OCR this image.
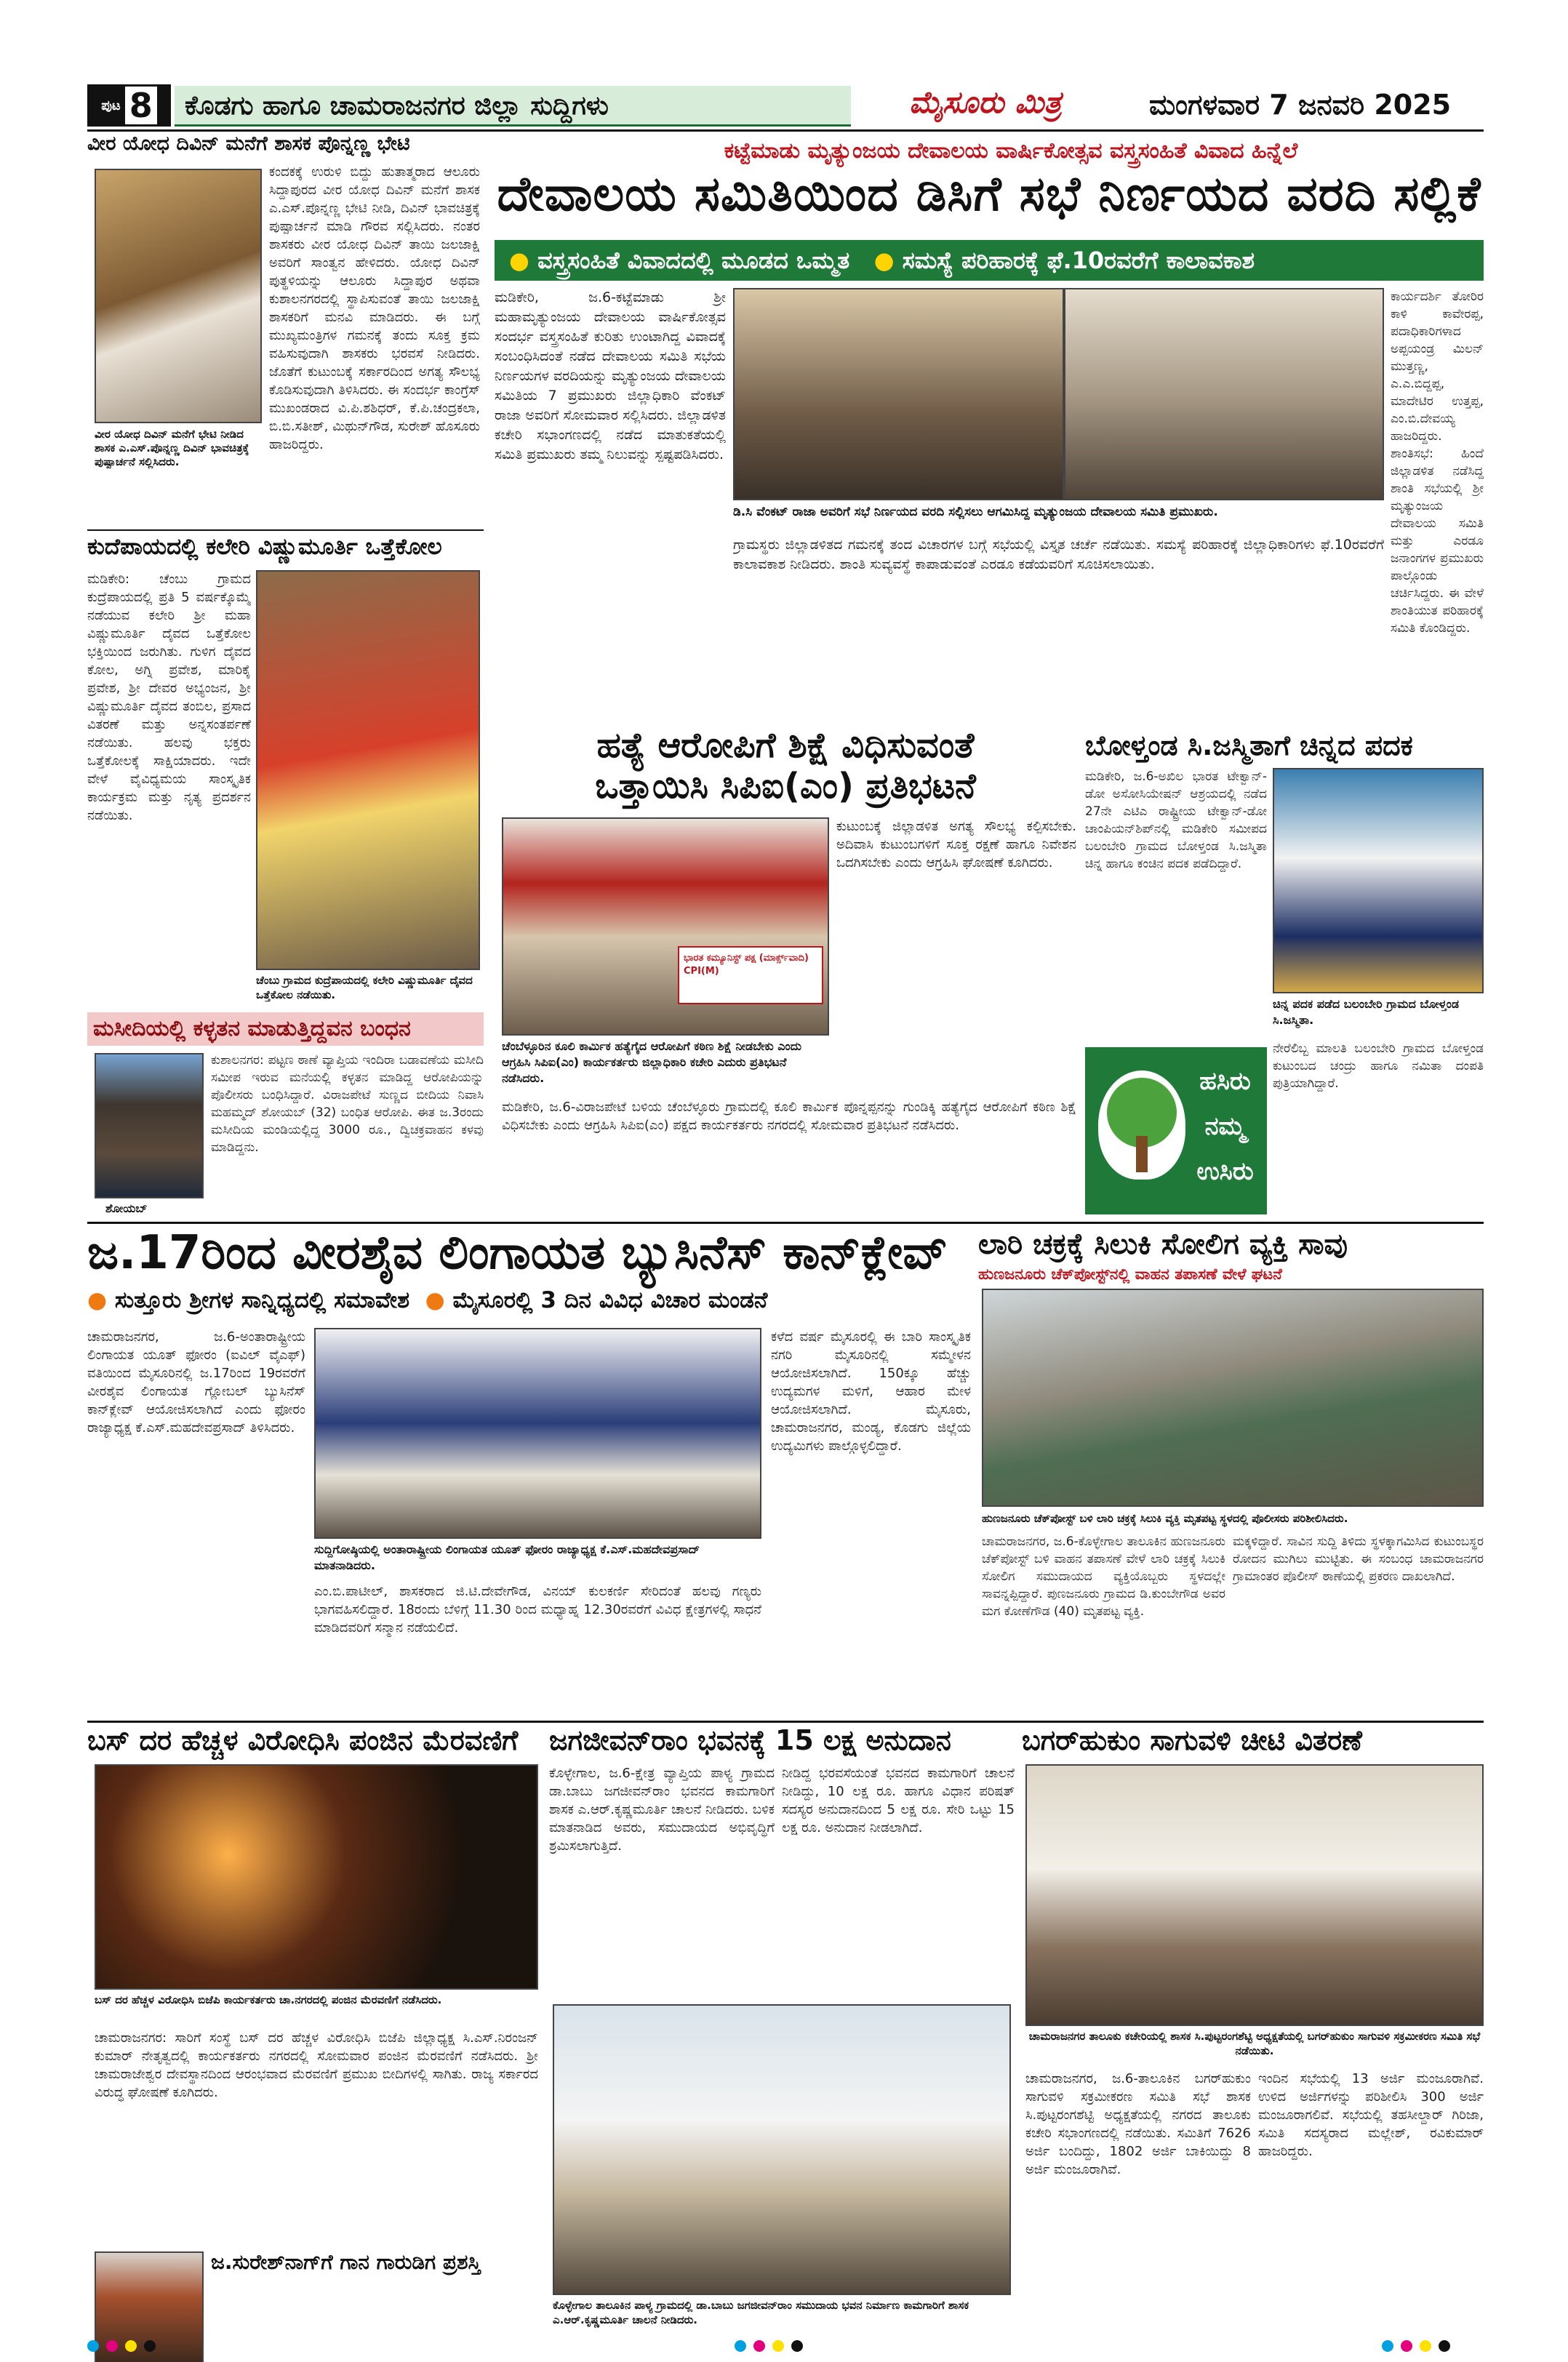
ಪುಟ 8	ಕೊಡಗು ಹಾಗೂ ಚಾಮರಾಜನಗರ ಜಿಲ್ಲಾ ಸುದ್ದಿಗಳು	ಮೈಸೂರು ಮಿತ್ರ	ಮಂಗಳವಾರ 7 ಜನವರಿ 2025
ವೀರ ಯೋಧ ದಿವಿನ್ ಮನೆಗೆ ಶಾಸಕ ಪೊನ್ನಣ್ಣ ಭೇಟಿ
ಕಂದಕಕ್ಕೆ ಉರುಳಿ ಬಿದ್ದು ಹುತಾತ್ಮರಾದ ಆಲೂರು ಸಿದ್ದಾಪುರದ ವೀರ ಯೋಧ ದಿವಿನ್ ಮನೆಗೆ ಶಾಸಕ ಎ.ಎಸ್.ಪೊನ್ನಣ್ಣ ಭೇಟಿ ನೀಡಿ, ದಿವಿನ್ ಭಾವಚಿತ್ರಕ್ಕೆ ಪುಷ್ಪಾರ್ಚನೆ ಮಾಡಿ ಗೌರವ ಸಲ್ಲಿಸಿದರು. ನಂತರ ಶಾಸಕರು ವೀರ ಯೋಧ ದಿವಿನ್ ತಾಯಿ ಜಲಜಾಕ್ಷಿ ಅವರಿಗೆ ಸಾಂತ್ವನ ಹೇಳಿದರು. ಯೋಧ ದಿವಿನ್ ಪುತ್ಥಳಿಯನ್ನು ಆಲೂರು ಸಿದ್ದಾಪುರ ಅಥವಾ ಕುಶಾಲನಗರದಲ್ಲಿ ಸ್ಥಾಪಿಸುವಂತೆ ತಾಯಿ ಜಲಜಾಕ್ಷಿ ಶಾಸಕರಿಗೆ ಮನವಿ ಮಾಡಿದರು. ಈ ಬಗ್ಗೆ ಮುಖ್ಯಮಂತ್ರಿಗಳ ಗಮನಕ್ಕೆ ತಂದು ಸೂಕ್ತ ಕ್ರಮ ವಹಿಸುವುದಾಗಿ ಶಾಸಕರು ಭರವಸೆ ನೀಡಿದರು. ಜೊತೆಗೆ ಕುಟುಂಬಕ್ಕೆ ಸರ್ಕಾರದಿಂದ ಅಗತ್ಯ ಸೌಲಭ್ಯ ಕೊಡಿಸುವುದಾಗಿ ತಿಳಿಸಿದರು. ಈ ಸಂದರ್ಭ ಕಾಂಗ್ರೆಸ್ ಮುಖಂಡರಾದ ವಿ.ಪಿ.ಶಶಿಧರ್, ಕೆ.ಪಿ.ಚಂದ್ರಕಲಾ, ಬಿ.ಬಿ.ಸತೀಶ್, ಮಿಥುನ್‌ಗೌಡ, ಸುರೇಶ್ ಹೊಸೂರು ಹಾಜರಿದ್ದರು.
ವೀರ ಯೋಧ ದಿವಿನ್ ಮನೆಗೆ ಭೇಟಿ ನೀಡಿದ ಶಾಸಕ ಎ.ಎಸ್.ಪೊನ್ನಣ್ಣ ದಿವಿನ್ ಭಾವಚಿತ್ರಕ್ಕೆ ಪುಷ್ಪಾರ್ಚನೆ ಸಲ್ಲಿಸಿದರು.
ಕಟ್ಟೆಮಾಡು ಮೃತ್ಯುಂಜಯ ದೇವಾಲಯ ವಾರ್ಷಿಕೋತ್ಸವ ವಸ್ತ್ರಸಂಹಿತೆ ವಿವಾದ ಹಿನ್ನೆಲೆ
ದೇವಾಲಯ ಸಮಿತಿಯಿಂದ ಡಿಸಿಗೆ ಸಭೆ ನಿರ್ಣಯದ ವರದಿ ಸಲ್ಲಿಕೆ
● ವಸ್ತ್ರಸಂಹಿತೆ ವಿವಾದದಲ್ಲಿ ಮೂಡದ ಒಮ್ಮತ ● ಸಮಸ್ಯೆ ಪರಿಹಾರಕ್ಕೆ ಫೆ.10ರವರೆಗೆ ಕಾಲಾವಕಾಶ
ಮಡಿಕೇರಿ, ಜ.6-ಕಟ್ಟೆಮಾಡು ಶ್ರೀ ಮಹಾಮೃತ್ಯುಂಜಯ ದೇವಾಲಯ ವಾರ್ಷಿಕೋತ್ಸವ ಸಂದರ್ಭ ವಸ್ತ್ರಸಂಹಿತೆ ಕುರಿತು ಉಂಟಾಗಿದ್ದ ವಿವಾದಕ್ಕೆ ಸಂಬಂಧಿಸಿದಂತೆ ನಡೆದ ದೇವಾಲಯ ಸಮಿತಿ ಸಭೆಯ ನಿರ್ಣಯಗಳ ವರದಿಯನ್ನು ಮೃತ್ಯುಂಜಯ ದೇವಾಲಯ ಸಮಿತಿಯ 7 ಪ್ರಮುಖರು ಜಿಲ್ಲಾಧಿಕಾರಿ ವೆಂಕಟ್ ರಾಜಾ ಅವರಿಗೆ ಸೋಮವಾರ ಸಲ್ಲಿಸಿದರು. ಜಿಲ್ಲಾಡಳಿತ ಕಚೇರಿ ಸಭಾಂಗಣದಲ್ಲಿ ನಡೆದ ಮಾತುಕತೆಯಲ್ಲಿ ಸಮಿತಿ ಪ್ರಮುಖರು ತಮ್ಮ ನಿಲುವನ್ನು ಸ್ಪಷ್ಟಪಡಿಸಿದರು.
ಡಿ.ಸಿ ವೆಂಕಟ್ ರಾಜಾ ಅವರಿಗೆ ಸಭೆ ನಿರ್ಣಯದ ವರದಿ ಸಲ್ಲಿಸಲು ಆಗಮಿಸಿದ್ದ ಮೃತ್ಯುಂಜಯ ದೇವಾಲಯ ಸಮಿತಿ ಪ್ರಮುಖರು.
ಗ್ರಾಮಸ್ಥರು ಜಿಲ್ಲಾಡಳಿತದ ಗಮನಕ್ಕೆ ತಂದ ವಿಚಾರಗಳ ಬಗ್ಗೆ ಸಭೆಯಲ್ಲಿ ವಿಸ್ತೃತ ಚರ್ಚೆ ನಡೆಯಿತು. ಸಮಸ್ಯೆ ಪರಿಹಾರಕ್ಕೆ ಜಿಲ್ಲಾಧಿಕಾರಿಗಳು ಫೆ.10ರವರೆಗೆ ಕಾಲಾವಕಾಶ ನೀಡಿದರು. ಶಾಂತಿ ಸುವ್ಯವಸ್ಥೆ ಕಾಪಾಡುವಂತೆ ಎರಡೂ ಕಡೆಯವರಿಗೆ ಸೂಚಿಸಲಾಯಿತು.
ಕಾರ್ಯದರ್ಶಿ ತೋರಿರ ಕಾಳಿ ಕಾವೇರಪ್ಪ, ಪದಾಧಿಕಾರಿಗಳಾದ ಅಪ್ಪಯಂಡ್ರ ಮಿಲನ್ ಮುತ್ತಣ್ಣ, ಎ.ಎ.ಬಿದ್ದಪ್ಪ, ಮಾದೇಟಿರ ಉತ್ತಪ್ಪ, ಎಂ.ಬಿ.ದೇವಯ್ಯ ಹಾಜರಿದ್ದರು. ಶಾಂತಿಸಭೆ: ಹಿಂದೆ ಜಿಲ್ಲಾಡಳಿತ ನಡೆಸಿದ್ದ ಶಾಂತಿ ಸಭೆಯಲ್ಲಿ ಶ್ರೀ ಮೃತ್ಯುಂಜಯ ದೇವಾಲಯ ಸಮಿತಿ ಮತ್ತು ಎರಡೂ ಜನಾಂಗಗಳ ಪ್ರಮುಖರು ಪಾಲ್ಗೊಂಡು ಚರ್ಚಿಸಿದ್ದರು. ಈ ವೇಳೆ ಶಾಂತಿಯುತ ಪರಿಹಾರಕ್ಕೆ ಸಮಿತಿ ಕೊಂಡಿದ್ದರು.
ಕುದೆಪಾಯದಲ್ಲಿ ಕಲೇರಿ ವಿಷ್ಣುಮೂರ್ತಿ ಒತ್ತೆಕೋಲ
ಮಡಿಕೇರಿ: ಚೆಂಬು ಗ್ರಾಮದ ಕುದ್ರೆಪಾಯದಲ್ಲಿ ಪ್ರತಿ 5 ವರ್ಷಕ್ಕೊಮ್ಮೆ ನಡೆಯುವ ಕಲೇರಿ ಶ್ರೀ ಮಹಾ ವಿಷ್ಣುಮೂರ್ತಿ ದೈವದ ಒತ್ತೆಕೋಲ ಭಕ್ತಿಯಿಂದ ಜರುಗಿತು. ಗುಳಿಗ ದೈವದ ಕೋಲ, ಅಗ್ನಿ ಪ್ರವೇಶ, ಮಾರಿಕೈ ಪ್ರವೇಶ, ಶ್ರೀ ದೇವರ ಅಭ್ಯಂಜನ, ಶ್ರೀ ವಿಷ್ಣುಮೂರ್ತಿ ದೈವದ ತಂಬಿಲ, ಪ್ರಸಾದ ವಿತರಣೆ ಮತ್ತು ಅನ್ನಸಂತರ್ಪಣೆ ನಡೆಯಿತು. ಹಲವು ಭಕ್ತರು ಒತ್ತೆಕೋಲಕ್ಕೆ ಸಾಕ್ಷಿಯಾದರು. ಇದೇ ವೇಳೆ ವೈವಿಧ್ಯಮಯ ಸಾಂಸ್ಕೃತಿಕ ಕಾರ್ಯಕ್ರಮ ಮತ್ತು ನೃತ್ಯ ಪ್ರದರ್ಶನ ನಡೆಯಿತು.
ಚೆಂಬು ಗ್ರಾಮದ ಕುದ್ರೆಪಾಯದಲ್ಲಿ ಕಲೇರಿ ವಿಷ್ಣುಮೂರ್ತಿ ದೈವದ ಒತ್ತೆಕೋಲ ನಡೆಯಿತು.
ಮಸೀದಿಯಲ್ಲಿ ಕಳ್ಳತನ ಮಾಡುತ್ತಿದ್ದವನ ಬಂಧನ
ಶೋಯಬ್
ಕುಶಾಲನಗರ: ಪಟ್ಟಣ ಠಾಣೆ ವ್ಯಾಪ್ತಿಯ ಇಂದಿರಾ ಬಡಾವಣೆಯ ಮಸೀದಿ ಸಮೀಪ ಇರುವ ಮನೆಯಲ್ಲಿ ಕಳ್ಳತನ ಮಾಡಿದ್ದ ಆರೋಪಿಯನ್ನು ಪೊಲೀಸರು ಬಂಧಿಸಿದ್ದಾರೆ. ವಿರಾಜಪೇಟೆ ಸುಣ್ಣದ ಬೀದಿಯ ನಿವಾಸಿ ಮಹಮ್ಮದ್ ಶೋಯಬ್ (32) ಬಂಧಿತ ಆರೋಪಿ. ಈತ ಜ.3ರಂದು ಮಸೀದಿಯ ಮಂಡಿಯಲ್ಲಿದ್ದ 3000 ರೂ., ದ್ವಿಚಕ್ರವಾಹನ ಕಳವು ಮಾಡಿದ್ದನು.
ಹತ್ಯೆ ಆರೋಪಿಗೆ ಶಿಕ್ಷೆ ವಿಧಿಸುವಂತೆ
ಒತ್ತಾಯಿಸಿ ಸಿಪಿಐ(ಎಂ) ಪ್ರತಿಭಟನೆ
ಭಾರತ ಕಮ್ಯೂನಿಸ್ಟ್ ಪಕ್ಷ (ಮಾರ್ಕ್ಸ್‌ವಾದಿ) CPI(M)
ಚೆಂಬೆಳ್ಳೂರಿನ ಕೂಲಿ ಕಾರ್ಮಿಕ ಹತ್ಯೆಗೈದ ಆರೋಪಿಗೆ ಕಠಿಣ ಶಿಕ್ಷೆ ನೀಡಬೇಕು ಎಂದು ಆಗ್ರಹಿಸಿ ಸಿಪಿಐ(ಎಂ) ಕಾರ್ಯಕರ್ತರು ಜಿಲ್ಲಾಧಿಕಾರಿ ಕಚೇರಿ ಎದುರು ಪ್ರತಿಭಟನೆ ನಡೆಸಿದರು.
ಕುಟುಂಬಕ್ಕೆ ಜಿಲ್ಲಾಡಳಿತ ಅಗತ್ಯ ಸೌಲಭ್ಯ ಕಲ್ಪಿಸಬೇಕು. ಅದಿವಾಸಿ ಕುಟುಂಬಗಳಿಗೆ ಸೂಕ್ತ ರಕ್ಷಣೆ ಹಾಗೂ ನಿವೇಶನ ಒದಗಿಸಬೇಕು ಎಂದು ಆಗ್ರಹಿಸಿ ಘೋಷಣೆ ಕೂಗಿದರು.
ಮಡಿಕೇರಿ, ಜ.6-ವಿರಾಜಪೇಟೆ ಬಳಿಯ ಚೆಂಬೆಳ್ಳೂರು ಗ್ರಾಮದಲ್ಲಿ ಕೂಲಿ ಕಾರ್ಮಿಕ ಪೊನ್ನಪ್ಪನನ್ನು ಗುಂಡಿಕ್ಕಿ ಹತ್ಯೆಗೈದ ಆರೋಪಿಗೆ ಕಠಿಣ ಶಿಕ್ಷೆ ವಿಧಿಸಬೇಕು ಎಂದು ಆಗ್ರಹಿಸಿ ಸಿಪಿಐ(ಎಂ) ಪಕ್ಷದ ಕಾರ್ಯಕರ್ತರು ನಗರದಲ್ಲಿ ಸೋಮವಾರ ಪ್ರತಿಭಟನೆ ನಡೆಸಿದರು.
ಬೋಳ್ತಂಡ ಸಿ.ಜಸ್ಮಿತಾಗೆ ಚಿನ್ನದ ಪದಕ
ಮಡಿಕೇರಿ, ಜ.6-ಅಖಿಲ ಭಾರತ ಟೇಕ್ವಾನ್-ಡೋ ಅಸೋಸಿಯೇಷನ್ ಆಶ್ರಯದಲ್ಲಿ ನಡೆದ 27ನೇ ಎಟಿಎ ರಾಷ್ಟ್ರೀಯ ಟೇಕ್ವಾನ್-ಡೋ ಚಾಂಪಿಯನ್‌ಶಿಪ್‌ನಲ್ಲಿ ಮಡಿಕೇರಿ ಸಮೀಪದ ಬಲಂಬೇರಿ ಗ್ರಾಮದ ಬೋಳ್ತಂಡ ಸಿ.ಜಸ್ಮಿತಾ ಚಿನ್ನ ಹಾಗೂ ಕಂಚಿನ ಪದಕ ಪಡೆದಿದ್ದಾರೆ.
ಚಿನ್ನ ಪದಕ ಪಡೆದ ಬಲಂಬೇರಿ ಗ್ರಾಮದ ಬೋಳ್ತಂಡ ಸಿ.ಜಸ್ಮಿತಾ.
ನೇರೆಲಿಬ್ಬ ಮಾಲತಿ ಬಲಂಬೇರಿ ಗ್ರಾಮದ ಬೋಳ್ತಂಡ ಕುಟುಂಬದ ಚಂದ್ರು ಹಾಗೂ ನಮಿತಾ ದಂಪತಿ ಪುತ್ರಿಯಾಗಿದ್ದಾರೆ.
ಹಸಿರು
ನಮ್ಮ
ಉಸಿರು
ಜ.17ರಿಂದ ವೀರಶೈವ ಲಿಂಗಾಯತ ಬ್ಯುಸಿನೆಸ್ ಕಾನ್‌ಕ್ಲೇವ್
● ಸುತ್ತೂರು ಶ್ರೀಗಳ ಸಾನ್ನಿಧ್ಯದಲ್ಲಿ ಸಮಾವೇಶ ● ಮೈಸೂರಲ್ಲಿ 3 ದಿನ ವಿವಿಧ ವಿಚಾರ ಮಂಡನೆ
ಚಾಮರಾಜನಗರ, ಜ.6-ಅಂತಾರಾಷ್ಟ್ರೀಯ ಲಿಂಗಾಯತ ಯೂತ್ ಫೋರಂ (ಐವಿಲ್ ವೈಎಫ್) ವತಿಯಿಂದ ಮೈಸೂರಿನಲ್ಲಿ ಜ.17ರಿಂದ 19ರವರೆಗೆ ವೀರಶೈವ ಲಿಂಗಾಯತ ಗ್ಲೋಬಲ್ ಬ್ಯುಸಿನೆಸ್ ಕಾನ್‌ಕ್ಲೇವ್ ಆಯೋಜಿಸಲಾಗಿದೆ ಎಂದು ಫೋರಂ ರಾಜ್ಯಾಧ್ಯಕ್ಷ ಕೆ.ಎಸ್.ಮಹದೇವಪ್ರಸಾದ್ ತಿಳಿಸಿದರು.
ಸುದ್ದಿಗೋಷ್ಠಿಯಲ್ಲಿ ಅಂತಾರಾಷ್ಟ್ರೀಯ ಲಿಂಗಾಯತ ಯೂತ್ ಫೋರಂ ರಾಜ್ಯಾಧ್ಯಕ್ಷ ಕೆ.ಎಸ್.ಮಹದೇವಪ್ರಸಾದ್ ಮಾತನಾಡಿದರು.
ಎಂ.ಬಿ.ಪಾಟೀಲ್, ಶಾಸಕರಾದ ಜಿ.ಟಿ.ದೇವೇಗೌಡ, ವಿನಯ್ ಕುಲಕರ್ಣಿ ಸೇರಿದಂತೆ ಹಲವು ಗಣ್ಯರು ಭಾಗವಹಿಸಲಿದ್ದಾರೆ. 18ರಂದು ಬೆಳಿಗ್ಗೆ 11.30 ರಿಂದ ಮಧ್ಯಾಹ್ನ 12.30ರವರೆಗೆ ವಿವಿಧ ಕ್ಷೇತ್ರಗಳಲ್ಲಿ ಸಾಧನೆ ಮಾಡಿದವರಿಗೆ ಸನ್ಮಾನ ನಡೆಯಲಿದೆ.
ಕಳೆದ ವರ್ಷ ಮೈಸೂರಲ್ಲಿ ಈ ಬಾರಿ ಸಾಂಸ್ಕೃತಿಕ ನಗರಿ ಮೈಸೂರಿನಲ್ಲಿ ಸಮ್ಮೇಳನ ಆಯೋಜಿಸಲಾಗಿದೆ. 150ಕ್ಕೂ ಹೆಚ್ಚು ಉದ್ಯಮಗಳ ಮಳಿಗೆ, ಆಹಾರ ಮೇಳ ಆಯೋಜಿಸಲಾಗಿದೆ. ಮೈಸೂರು, ಚಾಮರಾಜನಗರ, ಮಂಡ್ಯ, ಕೊಡಗು ಜಿಲ್ಲೆಯ ಉದ್ಯಮಿಗಳು ಪಾಲ್ಗೊಳ್ಳಲಿದ್ದಾರೆ.
ಲಾರಿ ಚಕ್ರಕ್ಕೆ ಸಿಲುಕಿ ಸೋಲಿಗ ವ್ಯಕ್ತಿ ಸಾವು
ಹುಣಜನೂರು ಚೆಕ್‌ಪೋಸ್ಟ್‌ನಲ್ಲಿ ವಾಹನ ತಪಾಸಣೆ ವೇಳೆ ಘಟನೆ
ಹುಣಜನೂರು ಚೆಕ್‌ಪೋಸ್ಟ್ ಬಳಿ ಲಾರಿ ಚಕ್ರಕ್ಕೆ ಸಿಲುಕಿ ವ್ಯಕ್ತಿ ಮೃತಪಟ್ಟ ಸ್ಥಳದಲ್ಲಿ ಪೊಲೀಸರು ಪರಿಶೀಲಿಸಿದರು.
ಚಾಮರಾಜನಗರ, ಜ.6-ಕೊಳ್ಳೇಗಾಲ ತಾಲೂಕಿನ ಹುಣಜನೂರು ಚೆಕ್‌ಪೋಸ್ಟ್ ಬಳಿ ವಾಹನ ತಪಾಸಣೆ ವೇಳೆ ಲಾರಿ ಚಕ್ರಕ್ಕೆ ಸಿಲುಕಿ ಸೋಲಿಗ ಸಮುದಾಯದ ವ್ಯಕ್ತಿಯೊಬ್ಬರು ಸ್ಥಳದಲ್ಲೇ ಸಾವನ್ನಪ್ಪಿದ್ದಾರೆ. ಪುಣಜನೂರು ಗ್ರಾಮದ ಡಿ.ಕುಂಬೇಗೌಡ ಅವರ ಮಗ ಕೋಣೆಗೌಡ (40) ಮೃತಪಟ್ಟ ವ್ಯಕ್ತಿ.
ಮಕ್ಕಳಿದ್ದಾರೆ. ಸಾವಿನ ಸುದ್ದಿ ತಿಳಿದು ಸ್ಥಳಕ್ಕಾಗಮಿಸಿದ ಕುಟುಂಬಸ್ಥರ ರೋದನ ಮುಗಿಲು ಮುಟ್ಟಿತು. ಈ ಸಂಬಂಧ ಚಾಮರಾಜನಗರ ಗ್ರಾಮಾಂತರ ಪೊಲೀಸ್ ಠಾಣೆಯಲ್ಲಿ ಪ್ರಕರಣ ದಾಖಲಾಗಿದೆ.
ಬಸ್ ದರ ಹೆಚ್ಚಳ ವಿರೋಧಿಸಿ ಪಂಜಿನ ಮೆರವಣಿಗೆ
ಬಸ್ ದರ ಹೆಚ್ಚಳ ವಿರೋಧಿಸಿ ಬಿಜೆಪಿ ಕಾರ್ಯಕರ್ತರು ಚಾ.ನಗರದಲ್ಲಿ ಪಂಜಿನ ಮೆರವಣಿಗೆ ನಡೆಸಿದರು.
ಚಾಮರಾಜನಗರ: ಸಾರಿಗೆ ಸಂಸ್ಥೆ ಬಸ್ ದರ ಹೆಚ್ಚಳ ವಿರೋಧಿಸಿ ಬಿಜೆಪಿ ಜಿಲ್ಲಾಧ್ಯಕ್ಷ ಸಿ.ಎಸ್.ನಿರಂಜನ್ ಕುಮಾರ್ ನೇತೃತ್ವದಲ್ಲಿ ಕಾರ್ಯಕರ್ತರು ನಗರದಲ್ಲಿ ಸೋಮವಾರ ಪಂಜಿನ ಮೆರವಣಿಗೆ ನಡೆಸಿದರು. ಶ್ರೀ ಚಾಮರಾಜೇಶ್ವರ ದೇವಸ್ಥಾನದಿಂದ ಆರಂಭವಾದ ಮೆರವಣಿಗೆ ಪ್ರಮುಖ ಬೀದಿಗಳಲ್ಲಿ ಸಾಗಿತು. ರಾಜ್ಯ ಸರ್ಕಾರದ ವಿರುದ್ಧ ಘೋಷಣೆ ಕೂಗಿದರು.
ಜ.ಸುರೇಶ್‌ನಾಗ್‌ಗೆ ಗಾನ ಗಾರುಡಿಗ ಪ್ರಶಸ್ತಿ
ಜಗಜೀವನ್‌ರಾಂ ಭವನಕ್ಕೆ 15 ಲಕ್ಷ ಅನುದಾನ
ಕೊಳ್ಳೇಗಾಲ, ಜ.6-ಕ್ಷೇತ್ರ ವ್ಯಾಪ್ತಿಯ ಪಾಳ್ಯ ಗ್ರಾಮದ ಡಾ.ಬಾಬು ಜಗಜೀವನ್‌ರಾಂ ಭವನದ ಕಾಮಗಾರಿಗೆ ಶಾಸಕ ಎ.ಆರ್.ಕೃಷ್ಣಮೂರ್ತಿ ಚಾಲನೆ ನೀಡಿದರು. ಬಳಿಕ ಮಾತನಾಡಿದ ಅವರು, ಸಮುದಾಯದ ಅಭಿವೃದ್ಧಿಗೆ ಶ್ರಮಿಸಲಾಗುತ್ತಿದೆ.
ನೀಡಿದ್ದ ಭರವಸೆಯಂತೆ ಭವನದ ಕಾಮಗಾರಿಗೆ ಚಾಲನೆ ನೀಡಿದ್ದು, 10 ಲಕ್ಷ ರೂ. ಹಾಗೂ ವಿಧಾನ ಪರಿಷತ್ ಸದಸ್ಯರ ಅನುದಾನದಿಂದ 5 ಲಕ್ಷ ರೂ. ಸೇರಿ ಒಟ್ಟು 15 ಲಕ್ಷ ರೂ. ಅನುದಾನ ನೀಡಲಾಗಿದೆ.
ಕೊಳ್ಳೇಗಾಲ ತಾಲೂಕಿನ ಪಾಳ್ಯ ಗ್ರಾಮದಲ್ಲಿ ಡಾ.ಬಾಬು ಜಗಜೀವನ್‌ರಾಂ ಸಮುದಾಯ ಭವನ ನಿರ್ಮಾಣ ಕಾಮಗಾರಿಗೆ ಶಾಸಕ ಎ.ಆರ್.ಕೃಷ್ಣಮೂರ್ತಿ ಚಾಲನೆ ನೀಡಿದರು.
ಬಗರ್‌ಹುಕುಂ ಸಾಗುವಳಿ ಚೀಟಿ ವಿತರಣೆ
ಚಾಮರಾಜನಗರ ತಾಲೂಕು ಕಚೇರಿಯಲ್ಲಿ ಶಾಸಕ ಸಿ.ಪುಟ್ಟರಂಗಶೆಟ್ಟಿ ಅಧ್ಯಕ್ಷತೆಯಲ್ಲಿ ಬಗರ್‌ಹುಕುಂ ಸಾಗುವಳಿ ಸಕ್ರಮೀಕರಣ ಸಮಿತಿ ಸಭೆ ನಡೆಯಿತು.
ಚಾಮರಾಜನಗರ, ಜ.6-ತಾಲೂಕಿನ ಬಗರ್‌ಹುಕುಂ ಸಾಗುವಳಿ ಸಕ್ರಮೀಕರಣ ಸಮಿತಿ ಸಭೆ ಶಾಸಕ ಸಿ.ಪುಟ್ಟರಂಗಶೆಟ್ಟಿ ಅಧ್ಯಕ್ಷತೆಯಲ್ಲಿ ನಗರದ ತಾಲೂಕು ಕಚೇರಿ ಸಭಾಂಗಣದಲ್ಲಿ ನಡೆಯಿತು. ಸಮಿತಿಗೆ 7626 ಅರ್ಜಿ ಬಂದಿದ್ದು, 1802 ಅರ್ಜಿ ಬಾಕಿಯಿದ್ದು 8 ಅರ್ಜಿ ಮಂಜೂರಾಗಿವೆ.
ಇಂದಿನ ಸಭೆಯಲ್ಲಿ 13 ಅರ್ಜಿ ಮಂಜೂರಾಗಿವೆ. ಉಳಿದ ಅರ್ಜಿಗಳನ್ನು ಪರಿಶೀಲಿಸಿ 300 ಅರ್ಜಿ ಮಂಜೂರಾಗಲಿವೆ. ಸಭೆಯಲ್ಲಿ ತಹಸೀಲ್ದಾರ್ ಗಿರಿಜಾ, ಸಮಿತಿ ಸದಸ್ಯರಾದ ಮಲ್ಲೇಶ್, ರವಿಕುಮಾರ್ ಹಾಜರಿದ್ದರು.
